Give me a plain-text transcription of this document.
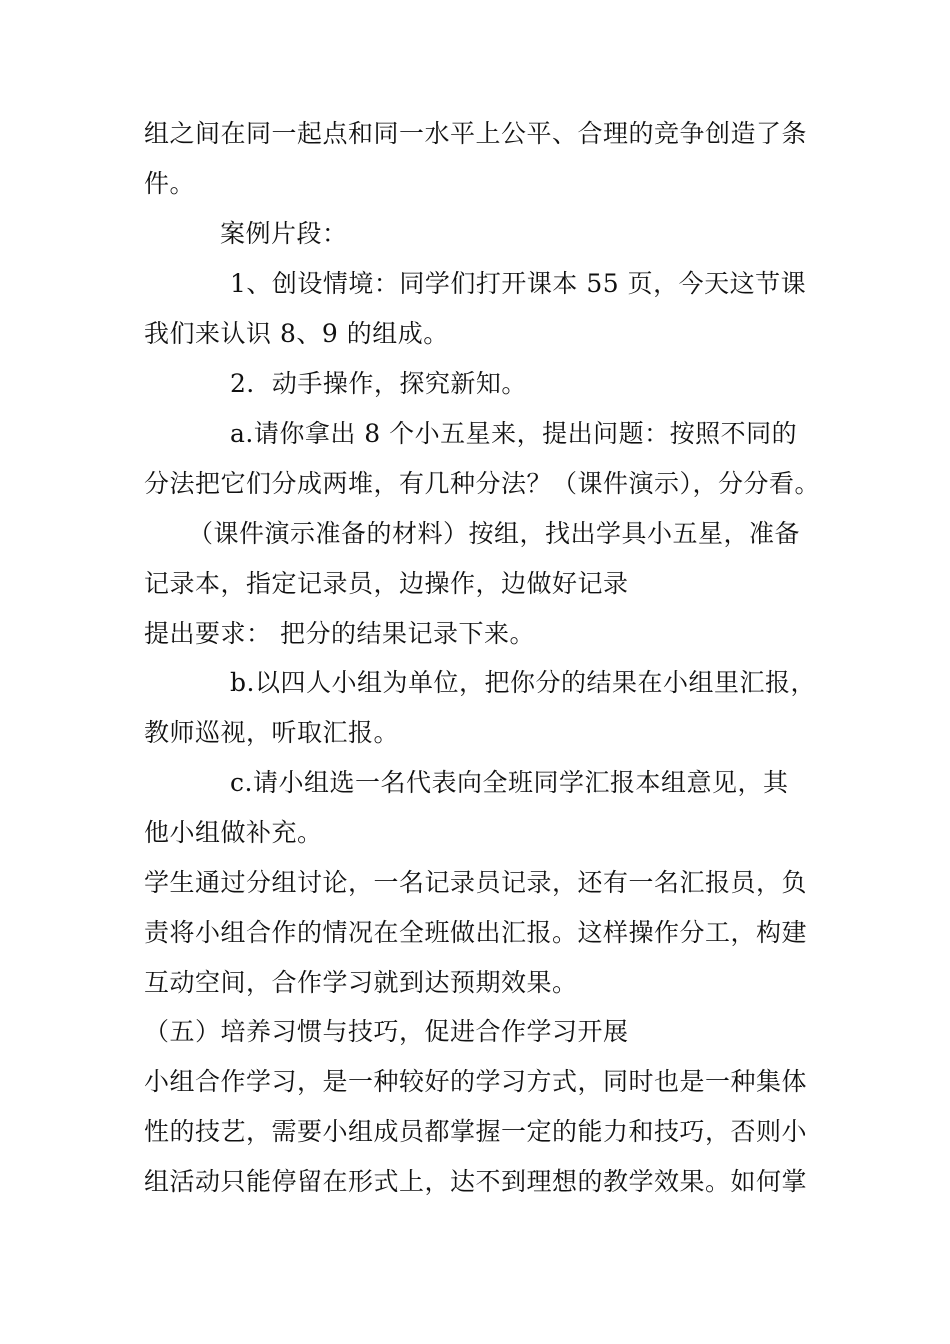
组之间在同一起点和同一水平上公平、合理的竞争创造了条
件。
案例片段：
1、创设情境：同学们打开课本 55 页，今天这节课
我们来认识 8、9 的组成。
2．动手操作，探究新知。
a.请你拿出 8 个小五星来，提出问题：按照不同的
分法把它们分成两堆，有几种分法？（课件演示），分分看。
（课件演示准备的材料）按组，找出学具小五星，准备
记录本，指定记录员，边操作，边做好记录
提出要求： 把分的结果记录下来。
b.以四人小组为单位，把你分的结果在小组里汇报，
教师巡视，听取汇报。
c.请小组选一名代表向全班同学汇报本组意见，其
他小组做补充。
学生通过分组讨论，一名记录员记录，还有一名汇报员，负
责将小组合作的情况在全班做出汇报。这样操作分工，构建
互动空间，合作学习就到达预期效果。
（五）培养习惯与技巧，促进合作学习开展
小组合作学习，是一种较好的学习方式，同时也是一种集体
性的技艺，需要小组成员都掌握一定的能力和技巧，否则小
组活动只能停留在形式上，达不到理想的教学效果。如何掌
